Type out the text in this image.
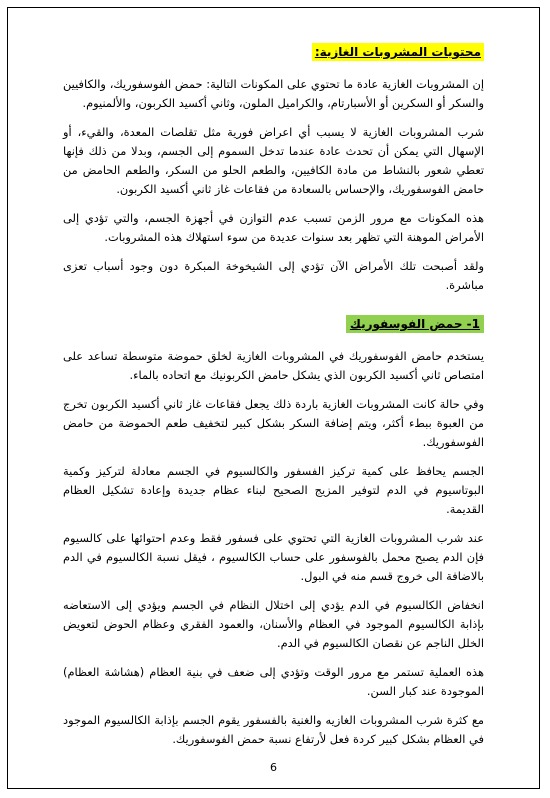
محتويات المشروبات الغازية:

إن المشروبات الغازية عادة ما تحتوي على المكونات التالية: حمض الفوسفوريك، والكافيين والسكر أو السكرين أو الأسبارتام، والكراميل الملون، وثاني أكسيد الكربون، والألمنيوم.

شرب المشروبات الغازية لا يسبب أي اعراض فورية مثل تقلصات المعدة، والقيء، أو الإسهال التي يمكن أن تحدث عادة عندما تدخل السموم إلى الجسم، وبدلا من ذلك فإنها تعطي شعور بالنشاط من مادة الكافيين، والطعم الحلو من السكر، والطعم الحامض من حامض الفوسفوريك، والإحساس بالسعادة من فقاعات غاز ثاني أكسيد الكربون.

هذه المكونات مع مرور الزمن تسبب عدم التوازن في أجهزة الجسم، والتي تؤدي إلى الأمراض الموهنة التي تظهر بعد سنوات عديدة من سوء استهلاك هذه المشروبات.

ولقد أصبحت تلك الأمراض الآن تؤدي إلى الشيخوخة المبكرة دون وجود أسباب تعزى مباشرة.

1- حمض الفوسفوريك

يستخدم حامض الفوسفوريك في المشروبات الغازية لخلق حموضة متوسطة تساعد على امتصاص ثاني أكسيد الكربون الذي يشكل حامض الكربونيك مع اتحاده بالماء.

وفي حالة كانت المشروبات الغازية باردة ذلك يجعل فقاعات غاز ثاني أكسيد الكربون تخرج من العبوة ببطء أكثر، ويتم إضافة السكر بشكل كبير لتخفيف طعم الحموضة من حامض الفوسفوريك.

الجسم يحافظ على كمية تركيز الفسفور والكالسيوم في الجسم معادلة لتركيز وكمية البوتاسيوم في الدم لتوفير المزيج الصحيح لبناء عظام جديدة وإعادة تشكيل العظام القديمة.

عند شرب المشروبات الغازية التي تحتوي على فسفور فقط وعدم احتوائها على كالسيوم فإن الدم يصبح محمل بالفوسفور على حساب الكالسيوم ، فيقل نسبة الكالسيوم في الدم بالاضافة الى خروج قسم منه في البول.

انخفاض الكالسيوم في الدم يؤدي إلى اختلال النظام في الجسم ويؤدي إلى الاستعاضه بإذابة الكالسيوم الموجود في العظام والأسنان، والعمود الفقري وعظام الحوض لتعويض الخلل الناجم عن نقصان الكالسيوم في الدم.

هذه العملية تستمر مع مرور الوقت وتؤدي إلى ضعف في بنية العظام (هشاشة العظام) الموجودة عند كبار السن.

مع كثرة شرب المشروبات الغازيه والغنية بالفسفور يقوم الجسم بإذابة الكالسيوم الموجود في العظام بشكل كبير كردة فعل لأرتفاع نسبة حمض الفوسفوريك.

6
